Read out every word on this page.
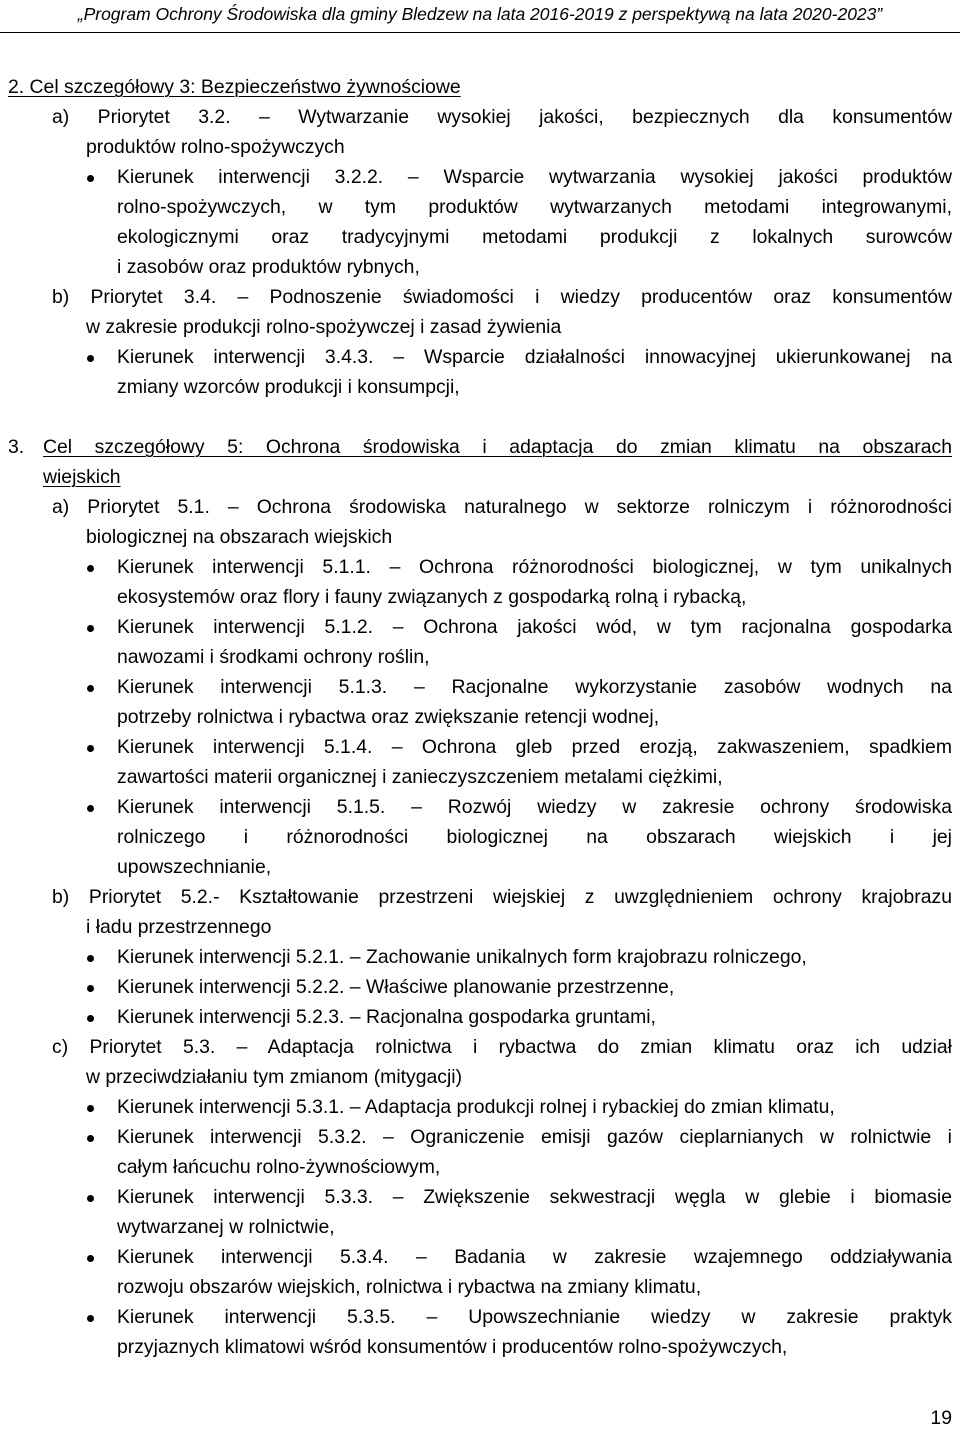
„Program Ochrony Środowiska dla gminy Bledzew na lata 2016-2019 z perspektywą na lata 2020-2023”
2. Cel szczegółowy 3: Bezpieczeństwo żywnościowe
a) Priorytet 3.2. – Wytwarzanie wysokiej jakości, bezpiecznych dla konsumentów
produktów rolno-spożywczych
Kierunek interwencji 3.2.2. – Wsparcie wytwarzania wysokiej jakości produktów
rolno-spożywczych, w tym produktów wytwarzanych metodami integrowanymi,
ekologicznymi oraz tradycyjnymi metodami produkcji z lokalnych surowców
i zasobów oraz produktów rybnych,
b) Priorytet 3.4. – Podnoszenie świadomości i wiedzy producentów oraz konsumentów
w zakresie produkcji rolno-spożywczej i zasad żywienia
Kierunek interwencji 3.4.3. – Wsparcie działalności innowacyjnej ukierunkowanej na
zmiany wzorców produkcji i konsumpcji,
3. Cel szczegółowy 5: Ochrona środowiska i adaptacja do zmian klimatu na obszarach
wiejskich
a) Priorytet 5.1. – Ochrona środowiska naturalnego w sektorze rolniczym i różnorodności
biologicznej na obszarach wiejskich
Kierunek interwencji 5.1.1. – Ochrona różnorodności biologicznej, w tym unikalnych
ekosystemów oraz flory i fauny związanych z gospodarką rolną i rybacką,
Kierunek interwencji 5.1.2. – Ochrona jakości wód, w tym racjonalna gospodarka
nawozami i środkami ochrony roślin,
Kierunek interwencji 5.1.3. – Racjonalne wykorzystanie zasobów wodnych na
potrzeby rolnictwa i rybactwa oraz zwiększanie retencji wodnej,
Kierunek interwencji 5.1.4. – Ochrona gleb przed erozją, zakwaszeniem, spadkiem
zawartości materii organicznej i zanieczyszczeniem metalami ciężkimi,
Kierunek interwencji 5.1.5. – Rozwój wiedzy w zakresie ochrony środowiska
rolniczego i różnorodności biologicznej na obszarach wiejskich i jej
upowszechnianie,
b) Priorytet 5.2.- Kształtowanie przestrzeni wiejskiej z uwzględnieniem ochrony krajobrazu
i ładu przestrzennego
Kierunek interwencji 5.2.1. – Zachowanie unikalnych form krajobrazu rolniczego,
Kierunek interwencji 5.2.2. – Właściwe planowanie przestrzenne,
Kierunek interwencji 5.2.3. – Racjonalna gospodarka gruntami,
c) Priorytet 5.3. – Adaptacja rolnictwa i rybactwa do zmian klimatu oraz ich udział
w przeciwdziałaniu tym zmianom (mitygacji)
Kierunek interwencji 5.3.1. – Adaptacja produkcji rolnej i rybackiej do zmian klimatu,
Kierunek interwencji 5.3.2. – Ograniczenie emisji gazów cieplarnianych w rolnictwie i
całym łańcuchu rolno-żywnościowym,
Kierunek interwencji 5.3.3. – Zwiększenie sekwestracji węgla w glebie i biomasie
wytwarzanej w rolnictwie,
Kierunek interwencji 5.3.4. – Badania w zakresie wzajemnego oddziaływania
rozwoju obszarów wiejskich, rolnictwa i rybactwa na zmiany klimatu,
Kierunek interwencji 5.3.5. – Upowszechnianie wiedzy w zakresie praktyk
przyjaznych klimatowi wśród konsumentów i producentów rolno-spożywczych,
19
